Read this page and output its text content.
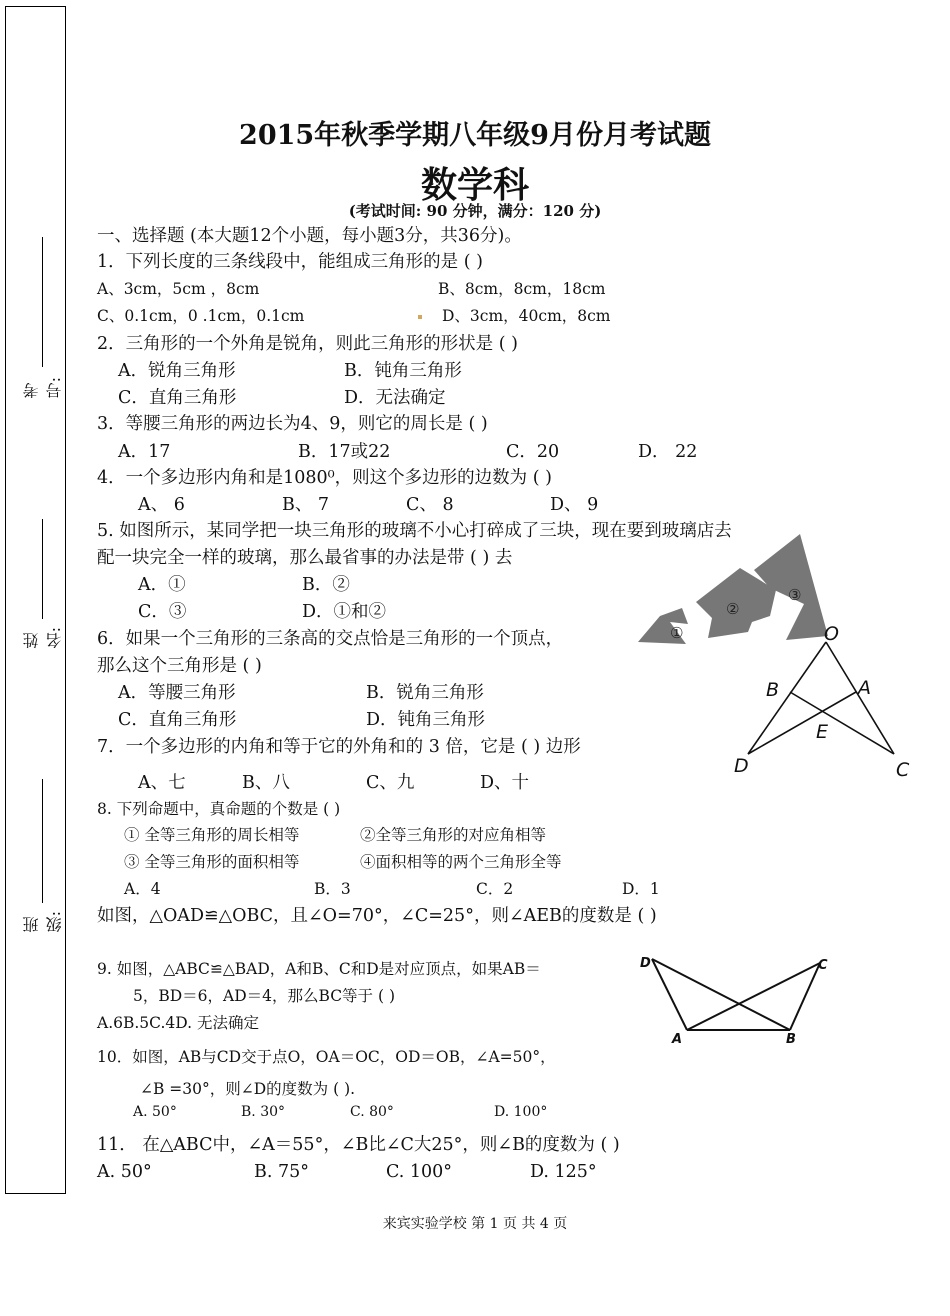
考号:
姓名:
班级:
2015年秋季学期八年级9月份月考试题
数学科
(考试时间: 90 分钟，满分：120 分)
一、选择题 (本大题12个小题，每小题3分，共36分)。
1．下列长度的三条线段中，能组成三角形的是 ( )
A、3cm，5cm ，8cm	B、8cm，8cm，18cm
C、0.1cm，0 .1cm，0.1cm	D、3cm，40cm，8cm
2．三角形的一个外角是锐角，则此三角形的形状是 ( )
A．锐角三角形	B．钝角三角形
C．直角三角形	D．无法确定
3．等腰三角形的两边长为4、9，则它的周长是 ( )
A．17	B．17或22	C．20	D． 22
4．一个多边形内角和是1080⁰，则这个多边形的边数为 ( )
A、 6	B、 7	C、 8	D、 9
5. 如图所示，某同学把一块三角形的玻璃不小心打碎成了三块，现在要到玻璃店去
配一块完全一样的玻璃，那么最省事的办法是带 ( ) 去
A．①	B．②
C．③	D．①和②
6．如果一个三角形的三条高的交点恰是三角形的一个顶点，
那么这个三角形是 ( )
A．等腰三角形	B．锐角三角形
C．直角三角形	D．钝角三角形
7．一个多边形的内角和等于它的外角和的 3 倍，它是 ( ) 边形
A、七	B、八	C、九	D、十
8. 下列命题中，真命题的个数是 ( )
① 全等三角形的周长相等	②全等三角形的对应角相等
③ 全等三角形的面积相等	④面积相等的两个三角形全等
A．4	B．3	C．2	D．1
如图，△OAD≌△OBC，且∠O=70°，∠C=25°，则∠AEB的度数是 ( )
9. 如图，△ABC≌△BAD，A和B、C和D是对应顶点，如果AB＝
5，BD＝6，AD＝4，那么BC等于 ( )
A.6B.5C.4D. 无法确定
10．如图，AB与CD交于点O，OA＝OC，OD＝OB，∠A=50°，
∠B =30°，则∠D的度数为 ( ).
A. 50°	B. 30°	C. 80°	D. 100°
11． 在△ABC中，∠A＝55°，∠B比∠C大25°，则∠B的度数为 ( )
A. 50°	B. 75°	C. 100°	D. 125°
①
②
③
O
B	A
E
D	C
D	C
A	B
来宾实验学校 第 1 页 共 4 页
